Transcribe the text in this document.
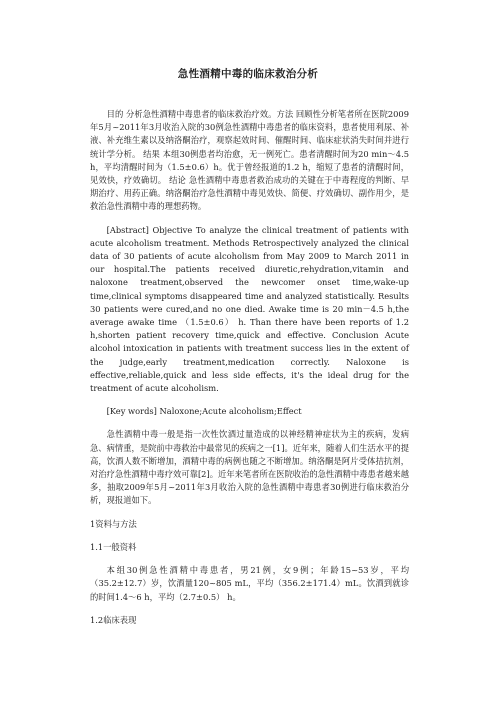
急性酒精中毒的临床救治分析

目的 分析急性酒精中毒患者的临床救治疗效。方法 回顾性分析笔者所在医院2009年5月~2011年3月收治入院的30例急性酒精中毒患者的临床资料，患者使用利尿、补液、补充维生素以及纳洛酮治疗，观察起效时间、催醒时间、临床症状消失时间并进行统计学分析。 结果 本组30例患者均治愈，无一例死亡。患者清醒时间为20 min～4.5 h，平均清醒时间为（1.5±0.6）h。优于曾经报道的1.2 h，缩短了患者的清醒时间，见效快，疗效确切。 结论 急性酒精中毒患者救治成功的关键在于中毒程度的判断、早期治疗、用药正确。纳洛酮治疗急性酒精中毒见效快、简便、疗效确切、副作用少，是救治急性酒精中毒的理想药物。

[Abstract] Objective To analyze the clinical treatment of patients with acute alcoholism treatment. Methods Retrospectively analyzed the clinical data of 30 patients of acute alcoholism from May 2009 to March 2011 in our hospital.The patients received diuretic,rehydration,vitamin and naloxone treatment,observed the newcomer onset time,wake-up time,clinical symptoms disappeared time and analyzed statistically. Results 30 patients were cured,and no one died. Awake time is 20 min－4.5 h,the average awake time （1.5±0.6） h. Than there have been reports of 1.2 h,shorten patient recovery time,quick and effective. Conclusion Acute alcohol intoxication in patients with treatment success lies in the extent of the judge,early treatment,medication correctly. Naloxone is effective,reliable,quick and less side effects, it's the ideal drug for the treatment of acute alcoholism.

[Key words] Naloxone;Acute alcoholism;Effect

急性酒精中毒一般是指一次性饮酒过量造成的以神经精神症状为主的疾病，发病急、病情重，是院前中毒救治中最常见的疾病之一[1]。近年来，随着人们生活水平的提高，饮酒人数不断增加，酒精中毒的病例也随之不断增加。纳洛酮是阿片受体拮抗剂，对治疗急性酒精中毒疗效可靠[2]。近年来笔者所在医院收治的急性酒精中毒患者越来越多，抽取2009年5月~2011年3月收治入院的急性酒精中毒患者30例进行临床救治分析，现报道如下。

1资料与方法

1.1一般资料

本组30例急性酒精中毒患者，男21例，女9例；年龄15~53岁，平均（35.2±12.7）岁，饮酒量120~805 mL，平均（356.2±171.4）mL。饮酒到就诊的时间1.4～6 h，平均（2.7±0.5） h。

1.2临床表现
